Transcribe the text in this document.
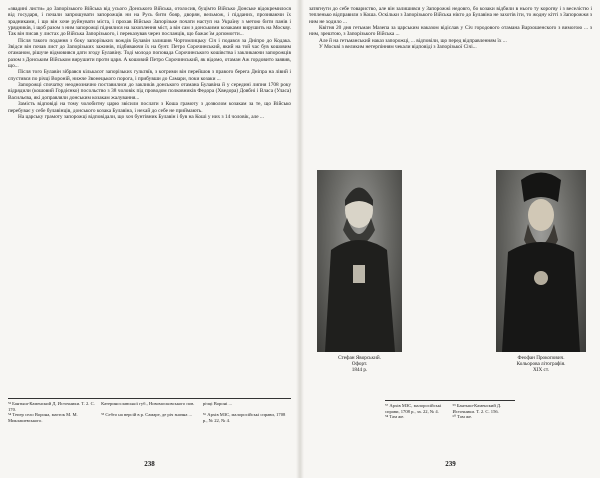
«звадині листи» до Запорізького Війська від усього Донського Війська, отолосив, буцімто Військо Донське відокремилося від государя, і почали запрошувати запорожців ни на Русь бити бояр, дворян, вельмож, і підданих, прозиваючи їх зрадниками, і що він хоче руйнувати міста, і прохав Військо Запорізьке почати наступ на Україну з метою бити панів і урядників, і щоб разом з ним запорожці піднялися на захоплення міст, а він сам з донськими козаками вирушить на Москву. Так він писав у листах до Війська Запорізького, і переказував через посланців, що бажає їм допомогти...

Після такого подання з боку запорізьких вождів Булавін залишив Чортомлицьку Січ і подався за Дніпро до Кодака. Звідси він почав лист до Запорізьких зажинів, підбиваючи їх на бунт. Петро Сорочинський, який на той час був кошовим отаманом, рішуче відмовився дати згоду Булавіну. Тоді молодо поповада Сорочинського кошівства і закликаючи запорожців разом з Донським Військом вирушити проти царя. А кошовий Петро Сорочинський, як відомо, отаман Аж гордовито заявив, що...

Після того Булавін зібрався кількасот запорізьких гультяїв, з котрими він перейшов з правого берега Дніпра на лівий і спустився по річці Вороній, нижче Звонецького порога, і прибувши до Самари, поки козаки ...

Запорожці спочатку неоднозначно поставилися до закликів донського отамана Булавіна й у середині липня 1708 року відрядили (кошовий Гордієнко) посольство з 38 чоловік під проводом полковників Федора (Хведора) Довбні і Власа (Уласа) Васильєва, які доправляли донським козакам жалування...

Замість відповіді на тому чолобитну царю звісили послати з Коша грамоту з дозвoлом козакам за те, що Військо перебуває у себе булавінців, донського козака Булавіна, і нехай до себе не приймають.

На царську грамоту запорожці відповідали, що хоч бунтівник Булавін і був на Коші у них з 14 чоловік, але ...

⁵³ Бантыш-Каменский Д. Источники. Т. 2. С. 170.
Катеринославської губ., Новомосковського пов.	річці Вороні ...
⁵⁴ Тепер село Ворона, маєток М. М. Миклашевського.
⁵⁵ Себто на версій в р. Самаре, де річ значна ...	⁵⁶ Архів МЗС, малоросійські справи, 1708 р., № 22, № 4.
238

затягнути до себе товариство, але він залишився у Запорожжі недовго, бо козаки відбили в нього ту корогву і з веселістю і тепленько відправили з Коша. Оскільки з Запорізького Війська нікто до Булавіна не захотів іти, то жодну кітті з Запорожжя з ним не ходило ...

Квітня 20 дня гетьман Мазепа за царським наказом відіслав у Січ городового отамана Вархошенского з вимогою ... з ним, зрештою, з Запорізького Війська ...

Але й на гетьманський наказ запорожці, ... відповіли, що перед відправленням їх ...

У Москві з великим нетерпінням чекали відповіді з Запорізької Січі...

Стефан Яворський.
Офорт.
1844 р.
Феофан Прокопович.
Кольорова літографія.
XIX ст.
⁵⁷ Архів МЗС, малоросійські справи, 1708 р., за. 22, № 4.
⁵⁹ Бантыш-Каменский Д. Источники. Т. 2. С. 156.
⁵⁸ Там же.	⁶⁰ Там же.
239
